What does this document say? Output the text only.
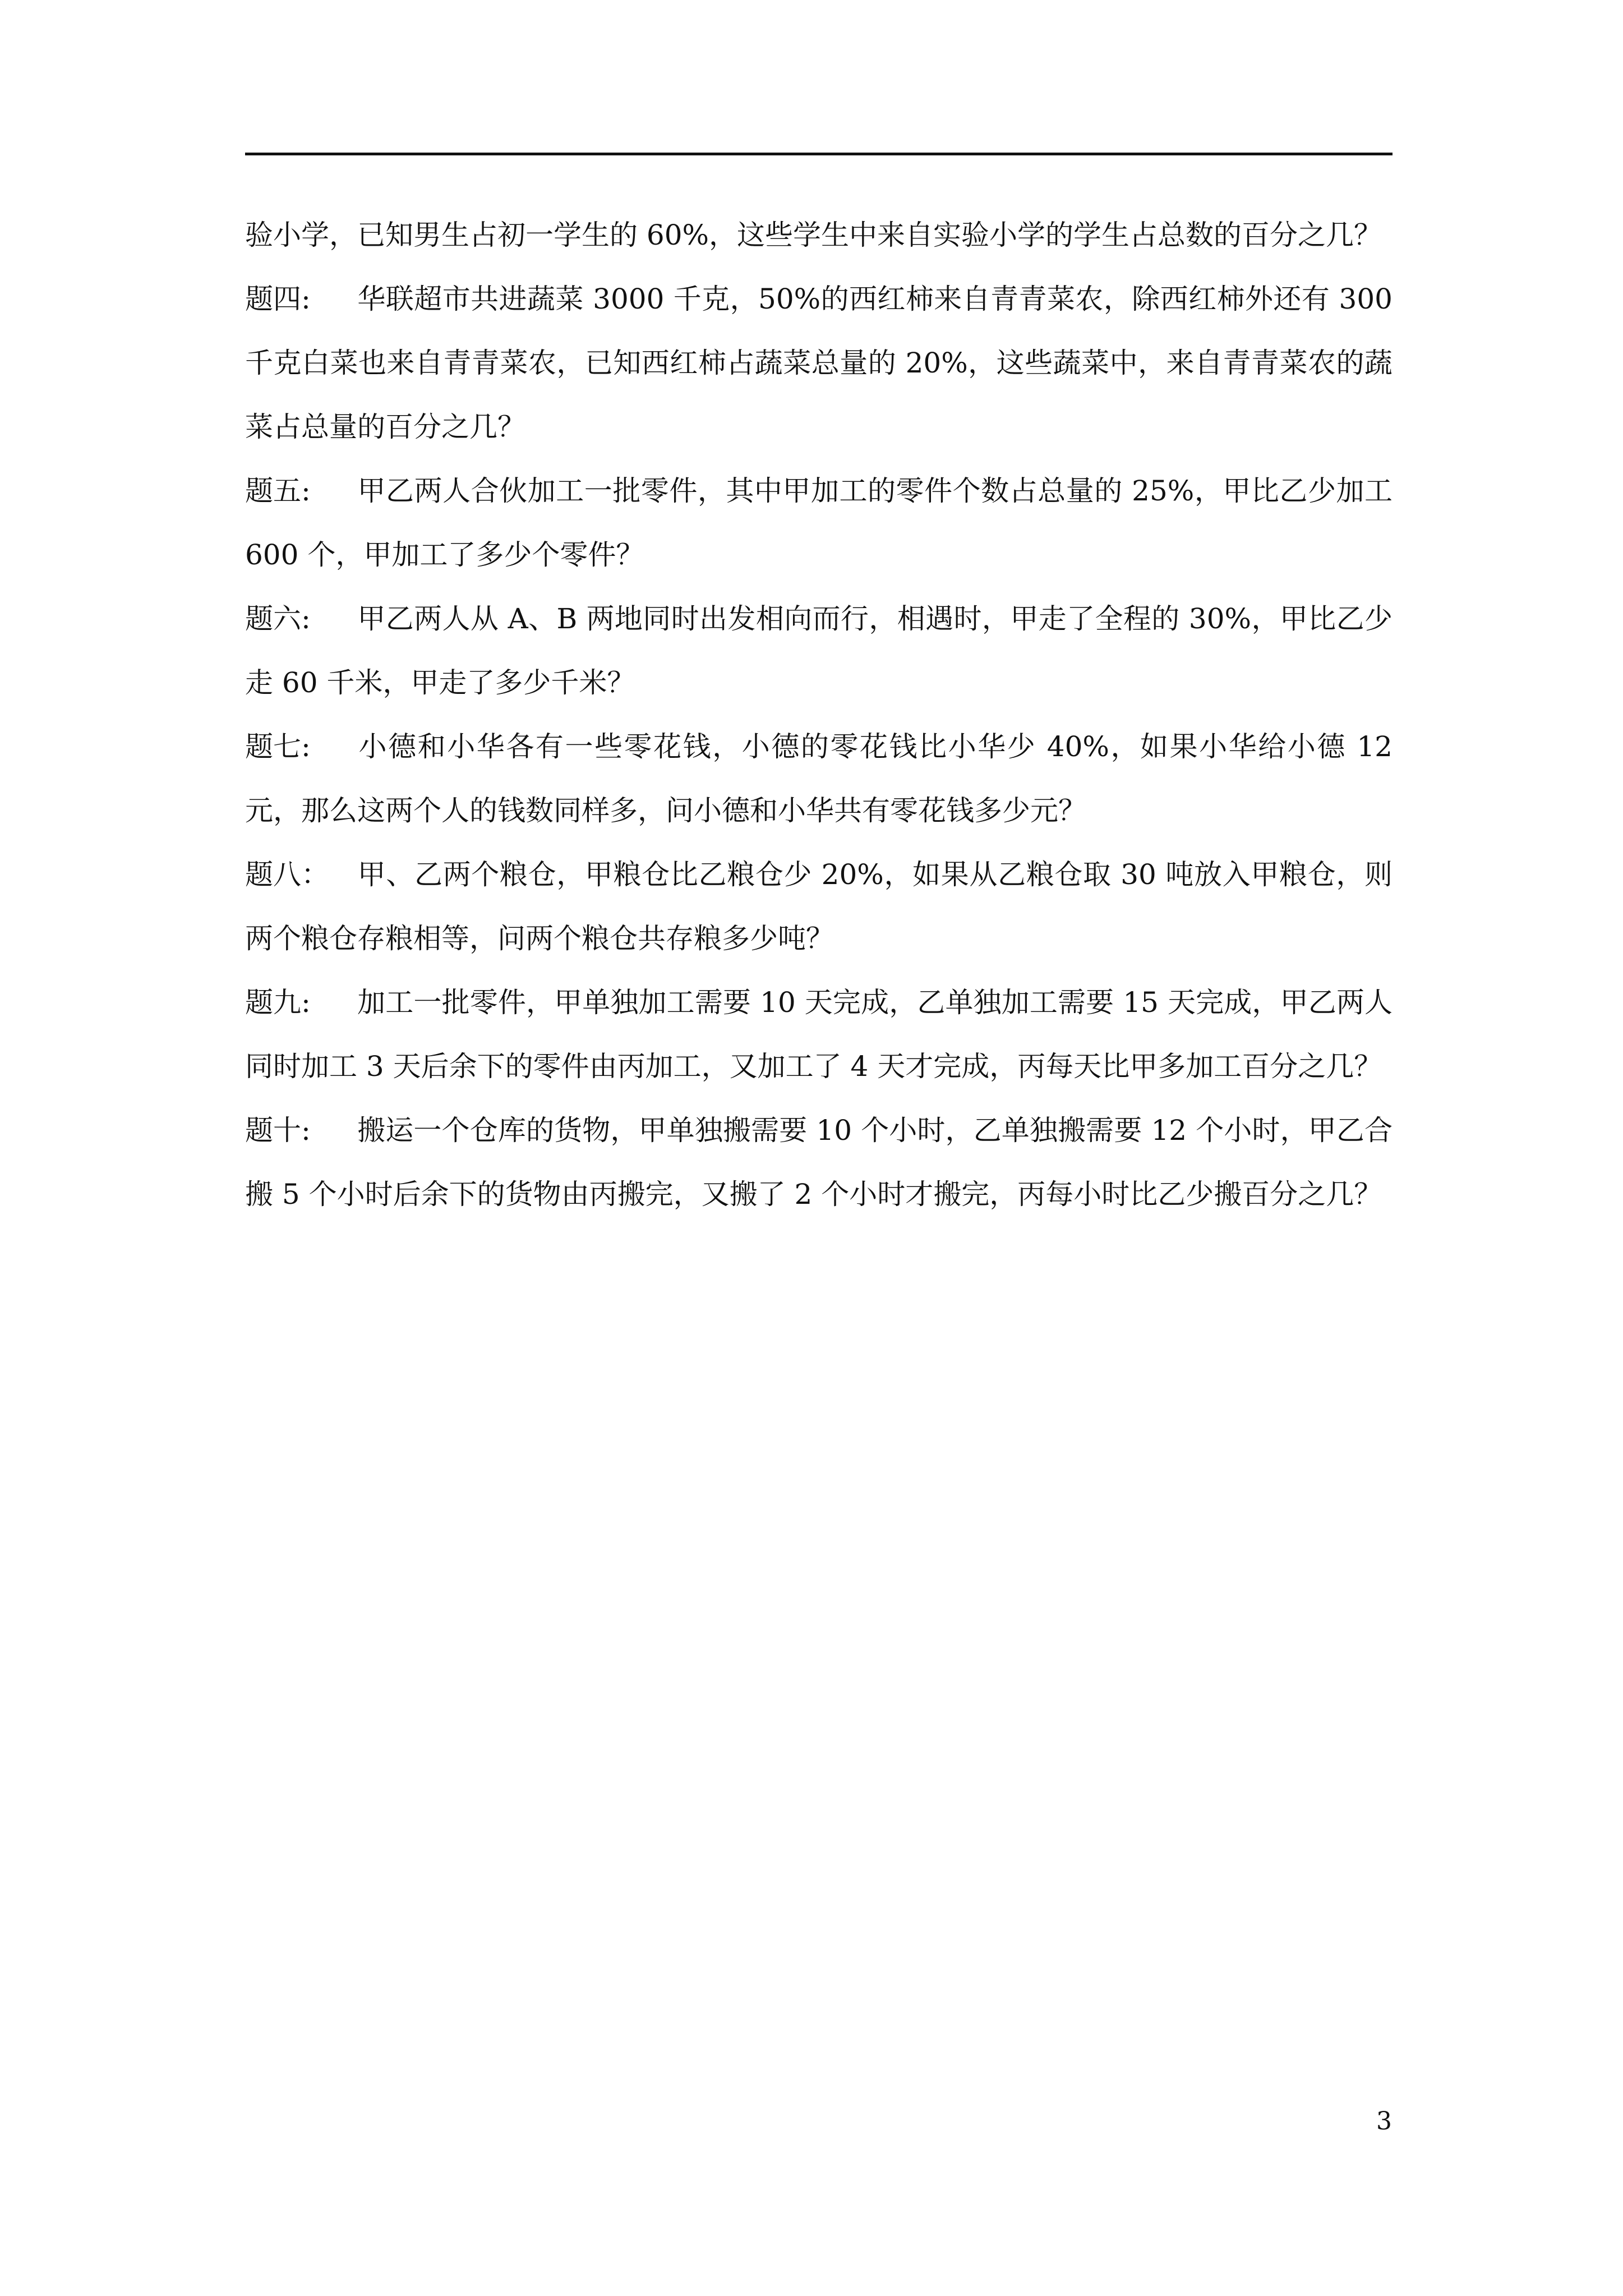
验小学，已知男生占初一学生的 60%，这些学生中来自实验小学的学生占总数的百分之几？

题四: 华联超市共进蔬菜 3000 千克，50%的西红柿来自青青菜农，除西红柿外还有 300 千克白菜也来自青青菜农，已知西红柿占蔬菜总量的 20%，这些蔬菜中，来自青青菜农的蔬菜占总量的百分之几？

题五: 甲乙两人合伙加工一批零件，其中甲加工的零件个数占总量的 25%，甲比乙少加工 600 个，甲加工了多少个零件？

题六: 甲乙两人从 A、B 两地同时出发相向而行，相遇时，甲走了全程的 30%，甲比乙少走 60 千米，甲走了多少千米？

题七: 小德和小华各有一些零花钱，小德的零花钱比小华少 40%，如果小华给小德 12 元，那么这两个人的钱数同样多，问小德和小华共有零花钱多少元？

题八： 甲、乙两个粮仓，甲粮仓比乙粮仓少 20%，如果从乙粮仓取 30 吨放入甲粮仓，则两个粮仓存粮相等，问两个粮仓共存粮多少吨？

题九: 加工一批零件，甲单独加工需要 10 天完成，乙单独加工需要 15 天完成，甲乙两人同时加工 3 天后余下的零件由丙加工，又加工了 4 天才完成，丙每天比甲多加工百分之几？

题十: 搬运一个仓库的货物，甲单独搬需要 10 个小时，乙单独搬需要 12 个小时，甲乙合搬 5 个小时后余下的货物由丙搬完，又搬了 2 个小时才搬完，丙每小时比乙少搬百分之几？

3
